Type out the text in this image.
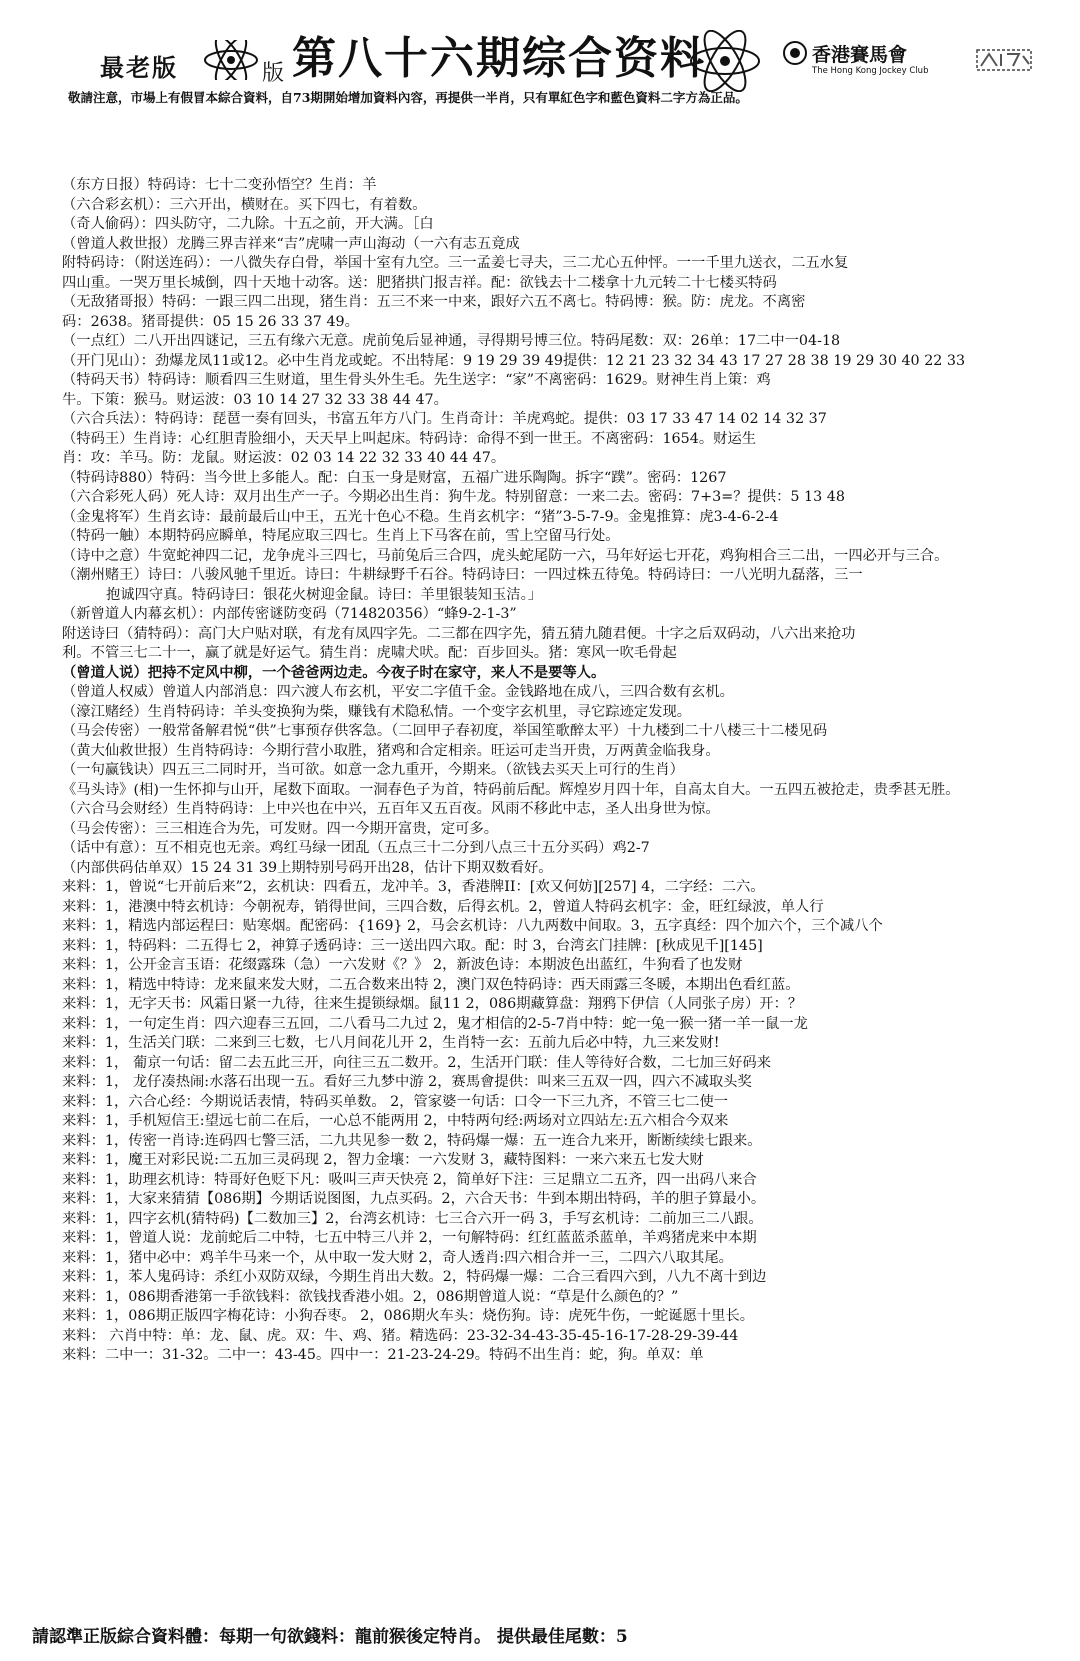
最老版	版 第八十六期综合资料	香港賽馬會
The Hong Kong Jockey Club
敬請注意，市場上有假冒本綜合資料，自73期開始增加資料內容，再提供一半肖，只有單紅色字和藍色資料二字方為正品。
（东方日报）特码诗：七十二变孙悟空？生肖：羊
（六合彩玄机）：三六开出，横财在。买下四七，有着数。
（奇人偷码）：四头防守，二九除。十五之前，开大满。［白
（曾道人救世报）龙腾三界吉祥来“吉”虎啸一声山海动（一六有志五竟成
附特码诗：（附送连码）：一八微失存白骨，举国十室有九空。三一孟姜七寻夫，三二尤心五仲怦。一一千里九送衣，二五水复
四山重。一哭万里长城倒，四十天地十动客。送：肥猪拱门报吉祥。配：欲钱去十二楼拿十九元转二十七楼买特码
（无敌猪哥报）特码：一跟三四二出现，猪生肖：五三不来一中来，跟好六五不离七。特码博：猴。防：虎龙。不离密
码：2638。猪哥提供：05 15 26 33 37 49。
（一点红）二八开出四谜记，三五有缘六无意。虎前兔后显神通，寻得期号博三位。特码尾数：双：26单：17二中一04-18
（开门见山）：劲爆龙凤11或12。必中生肖龙或蛇。不出特尾：9 19 29 39 49提供：12 21 23 32 34 43 17 27 28 38 19 29 30 40 22 33
（特码天书）特码诗：顺看四三生财道，里生骨头外生毛。先生送字：“家”不离密码：1629。财神生肖上策：鸡
牛。下策：猴马。财运波：03 10 14 27 32 33 38 44 47。
（六合兵法）：特码诗：琵琶一奏有回头，书富五年方八门。生肖奇计：羊虎鸡蛇。提供：03 17 33 47 14 02 14 32 37
（特码王）生肖诗：心红胆青脸细小，天天早上叫起床。特码诗：命得不到一世王。不离密码：1654。财运生
肖：攻：羊马。防：龙鼠。财运波：02 03 14 22 32 33 40 44 47。
（特码诗880）特码：当今世上多能人。配：白玉一身是财富，五福广进乐陶陶。拆字“蹼”。密码：1267
（六合彩死人码）死人诗：双月出生产一子。今期必出生肖：狗牛龙。特别留意：一来二去。密码：7+3=？提供：5 13 48
（金鬼将军）生肖玄诗：最前最后山中王，五光十色心不稳。生肖玄机字：“猪”3-5-7-9。金鬼推算：虎3-4-6-2-4
（特码一触）本期特码应瞬单，特尾应取三四七。生肖上下马客在前，雪上空留马行处。
（诗中之意）牛宽蛇神四二记，龙争虎斗三四七，马前兔后三合四，虎头蛇尾防一六，马年好运七开花，鸡狗相合三二出，一四必开与三合。
（潮州赌王）诗曰：八骏风驰千里近。诗曰：牛耕绿野千石谷。特码诗曰：一四过株五待兔。特码诗曰：一八光明九磊落，三一
抱诚四守真。特码诗曰：银花火树迎金鼠。诗曰：羊里银装知玉洁。」
（新曾道人内幕玄机）：内部传密谜防变码（714820356）“蜂9-2-1-3”
附送诗曰（猜特码）：高门大户贴对联，有龙有凤四字先。二三都在四字先，猜五猜九随君便。十字之后双码动，八六出来抢功
利。不管三七二十一，赢了就是好运气。猜生肖：虎啸犬吠。配：百步回头。猪：寒风一吹毛骨起
（曾道人说）把持不定风中柳，一个爸爸两边走。今夜子时在家守，来人不是要等人。
（曾道人权威）曾道人内部消息：四六渡人布玄机，平安二字值千金。金钱路地在成八，三四合数有玄机。
（濠江赌经）生肖特码诗：羊头变换狗为柴，赚钱有术隐私情。一个变字玄机里，寻它踪迹定发现。
（马会传密）一般常备解君悦“供”七事预存供客急。（二回甲子春初度，举国笙歌醉太平）十九楼到二十八楼三十二楼见码
（黄大仙救世报）生肖特码诗：今期行营小取胜，猪鸡和合定相亲。旺运可走当开贵，万两黄金临我身。
（一句赢钱诀）四五三二同时开，当可欲。如意一念九重开，今期来。（欲钱去买天上可行的生肖）
《马头诗》(相)一生怀抑与山开，尾数下面取。一洞春色子为首，特码前后配。辉煌岁月四十年，自高太自大。一五四五被抢走，贵季甚无胜。
（六合马会财经）生肖特码诗：上中兴也在中兴，五百年又五百夜。风雨不移此中志，圣人出身世为惊。
（马会传密）：三三相连合为先，可发财。四一今期开富贵，定可多。
（话中有意）：互不相克也无亲。鸡红马绿一团乱（五点三十二分到八点三十五分买码）鸡2-7
（内部供码估单双）15 24 31 39上期特别号码开出28，估计下期双数看好。
来料：1，曾说“七开前后来”2，玄机诀：四看五，龙冲羊。3，香港牌II：[欢又何妨][257] 4，二字经：二六。
来料：1，港澳中特玄机诗：今朝祝寿，销得世间，三四合数，后得玄机。2，曾道人特码玄机字：金，旺红绿波，单人行
来料：1，精选内部运程曰：贴寒烟。配密码：{169} 2，马会玄机诗：八九两数中间取。3，五字真经：四个加六个，三个减八个
来料：1，特码料：二五得七 2，神算子透码诗：三一送出四六取。配：时 3，台湾玄门挂牌：[秋成见千][145]
来料：1，公开金言玉语：花缀露珠（急）一六发财《？》 2，新波色诗：本期波色出蓝红，牛狗看了也发财
来料：1，精选中特诗：龙来鼠来发大财，二五合数来出特 2，澳门双色特码诗：西天雨露三冬暖，本期出色看红蓝。
来料：1，无字天书：风霜日紧一九待，往来生提锁绿烟。鼠11 2，086期藏算盘：翔鸦下伊信（人同张子房）开：？
来料：1，一句定生肖：四六迎春三五回，二八看马二九过 2，鬼才相信的2-5-7肖中特：蛇一兔一猴一猪一羊一鼠一龙
来料：1，生活关门联：二来到三七数，七八月间花儿开 2，生肖特一玄：五前九后必中特，九三来发财!
来料：1， 葡京一句话：留二去五此三开，向往三五二数开。2，生活开门联：佳人等待好合数，二七加三好码来
来料：1， 龙仔凑热闹:水落石出现一五。看好三九梦中游 2，赛馬會提供：叫来三五双一四，四六不减取头奖
来料：1，六合心经：今期说话表情，特码买单数。 2，管家婆一句话：口令一下三九齐，不管三七二使一
来料：1，手机短信王:望远七前二在后，一心总不能两用 2，中特两句经:两场对立四站左:五六相合今双来
来料：1，传密一肖诗:连码四七警三活，二九共见参一数 2，特码爆一爆：五一连合九来开，断断续续七跟来。
来料：1，魔王对彩民说:二五加三灵码现 2，智力金壤：一六发财 3，藏特图料：一来六来五七发大财
来料：1，助理玄机诗：特哥好色贬下凡：吸叫三声天快亮 2，简单好下注：三足鼎立二五齐，四一出码八来合
来料：1，大家来猜猜【086期】今期话说图图，九点买码。2，六合天书：牛到本期出特码，羊的胆子算最小。
来料：1，四字玄机(猜特码)【二数加三】2，台湾玄机诗：七三合六开一码 3，手写玄机诗：二前加三二八跟。
来料：1，曾道人说：龙前蛇后二中特，七五中特三八并 2，一句解特码：红红蓝蓝杀蓝单，羊鸡猪虎来中本期
来料：1，猪中必中：鸡羊牛马来一个，从中取一发大财 2，奇人透肖:四六相合并一三，二四六八取其尾。
来料：1，苯人鬼码诗：杀红小双防双绿，今期生肖出大数。2，特码爆一爆：二合三看四六到，八九不离十到边
来料：1，086期香港第一手欲钱料：欲钱找香港小姐。2，086期曾道人说：“草是什么颜色的？”
来料：1，086期正版四字梅花诗：小狗吞枣。 2，086期火车头：烧伤狗。诗：虎死牛伤，一蛇诞愿十里长。
来料： 六肖中特：单：龙、鼠、虎。双：牛、鸡、猪。精选码：23-32-34-43-35-45-16-17-28-29-39-44
来料：二中一：31-32。二中一：43-45。四中一：21-23-24-29。特码不出生肖：蛇，狗。单双：单
請認準正版綜合資料體：每期一句欲錢料：龍前猴後定特肖。 提供最佳尾數：5
